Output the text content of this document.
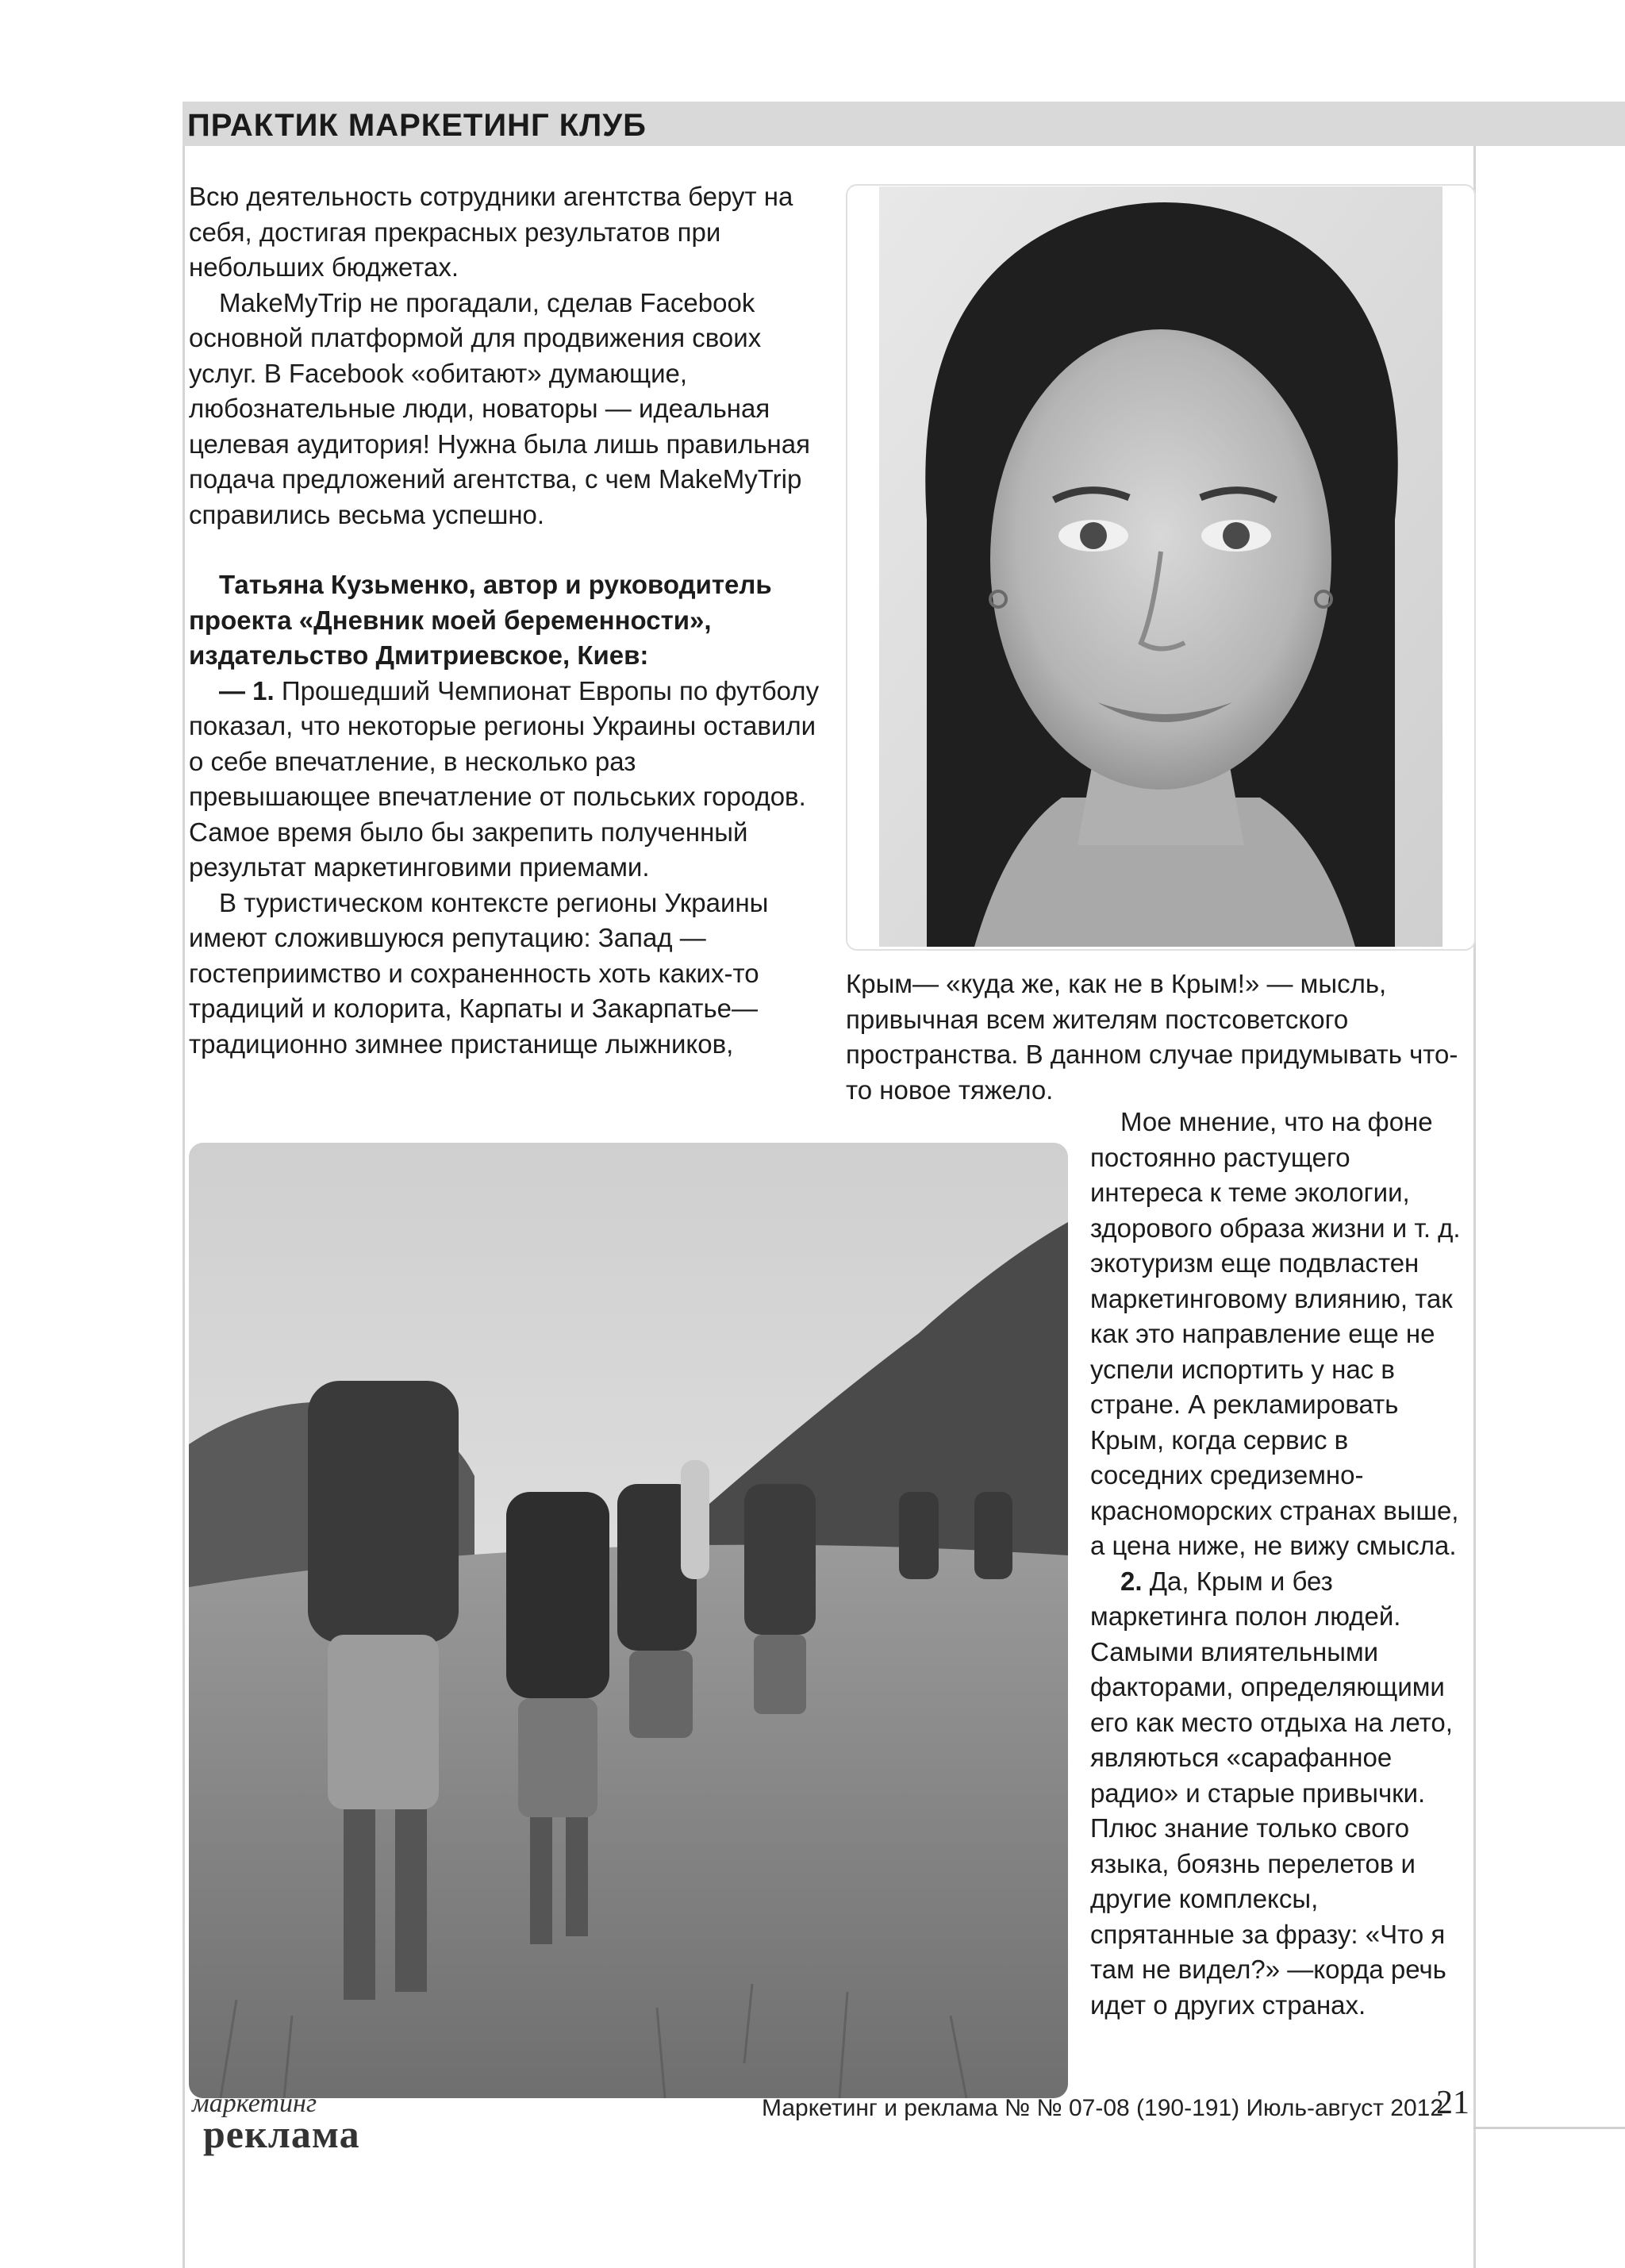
ПРАКТИК МАРКЕТИНГ КЛУБ

Всю деятельность сотрудники агентства берут на себя, достигая прекрасных результатов при небольших бюджетах.

MakeMyTrip не прогадали, сделав Facebook основной платформой для продвижения своих услуг. В Facebook «обитают» думающие, любознательные люди, новаторы — идеальная целевая аудитория! Нужна была лишь правильная подача предложений агентства, с чем MakeMyTrip справились весьма успешно.

Татьяна Кузьменко, автор и руководитель проекта «Дневник моей беременности», издательство Дмитриевское, Киев:

— 1. Прошедший Чемпионат Европы по футболу показал, что некоторые регионы Украины оставили о себе впечатление, в несколько раз превышающее впечатление от польських городов. Самое время было бы закрепить полученный результат маркетинговими приемами.

В туристическом контексте регионы Украины имеют сложившуюся репутацию: Запад — гостеприимство и сохраненность хоть каких-то традиций и колорита, Карпаты и Закарпатье— традиционно зимнее пристанище лыжников,

Крым— «куда же, как не в Крым!» — мысль, привычная всем жителям постсоветского пространства. В данном случае придумывать что-то новое тяжело.

Мое мнение, что на фоне постоянно растущего интереса к теме экологии, здорового образа жизни и т. д. экотуризм еще подвластен маркетинговому влиянию, так как это направление еще не успели испортить у нас в стране. А рекламировать Крым, когда сервис в соседних средиземно-красноморских странах выше, а цена ниже, не вижу смысла.

2. Да, Крым и без маркетинга полон людей. Самыми влиятельными факторами, определяющими его как место отдыха на лето, являються «сарафанное радио» и старые привычки. Плюс знание только свого языка, боязнь перелетов и другие комплексы, спрятанные за фразу: «Что я там не видел?» —корда речь идет о других странах.

маркетинг
реклама
Маркетинг и реклама № № 07-08 (190-191) Июль-август 2012
21
